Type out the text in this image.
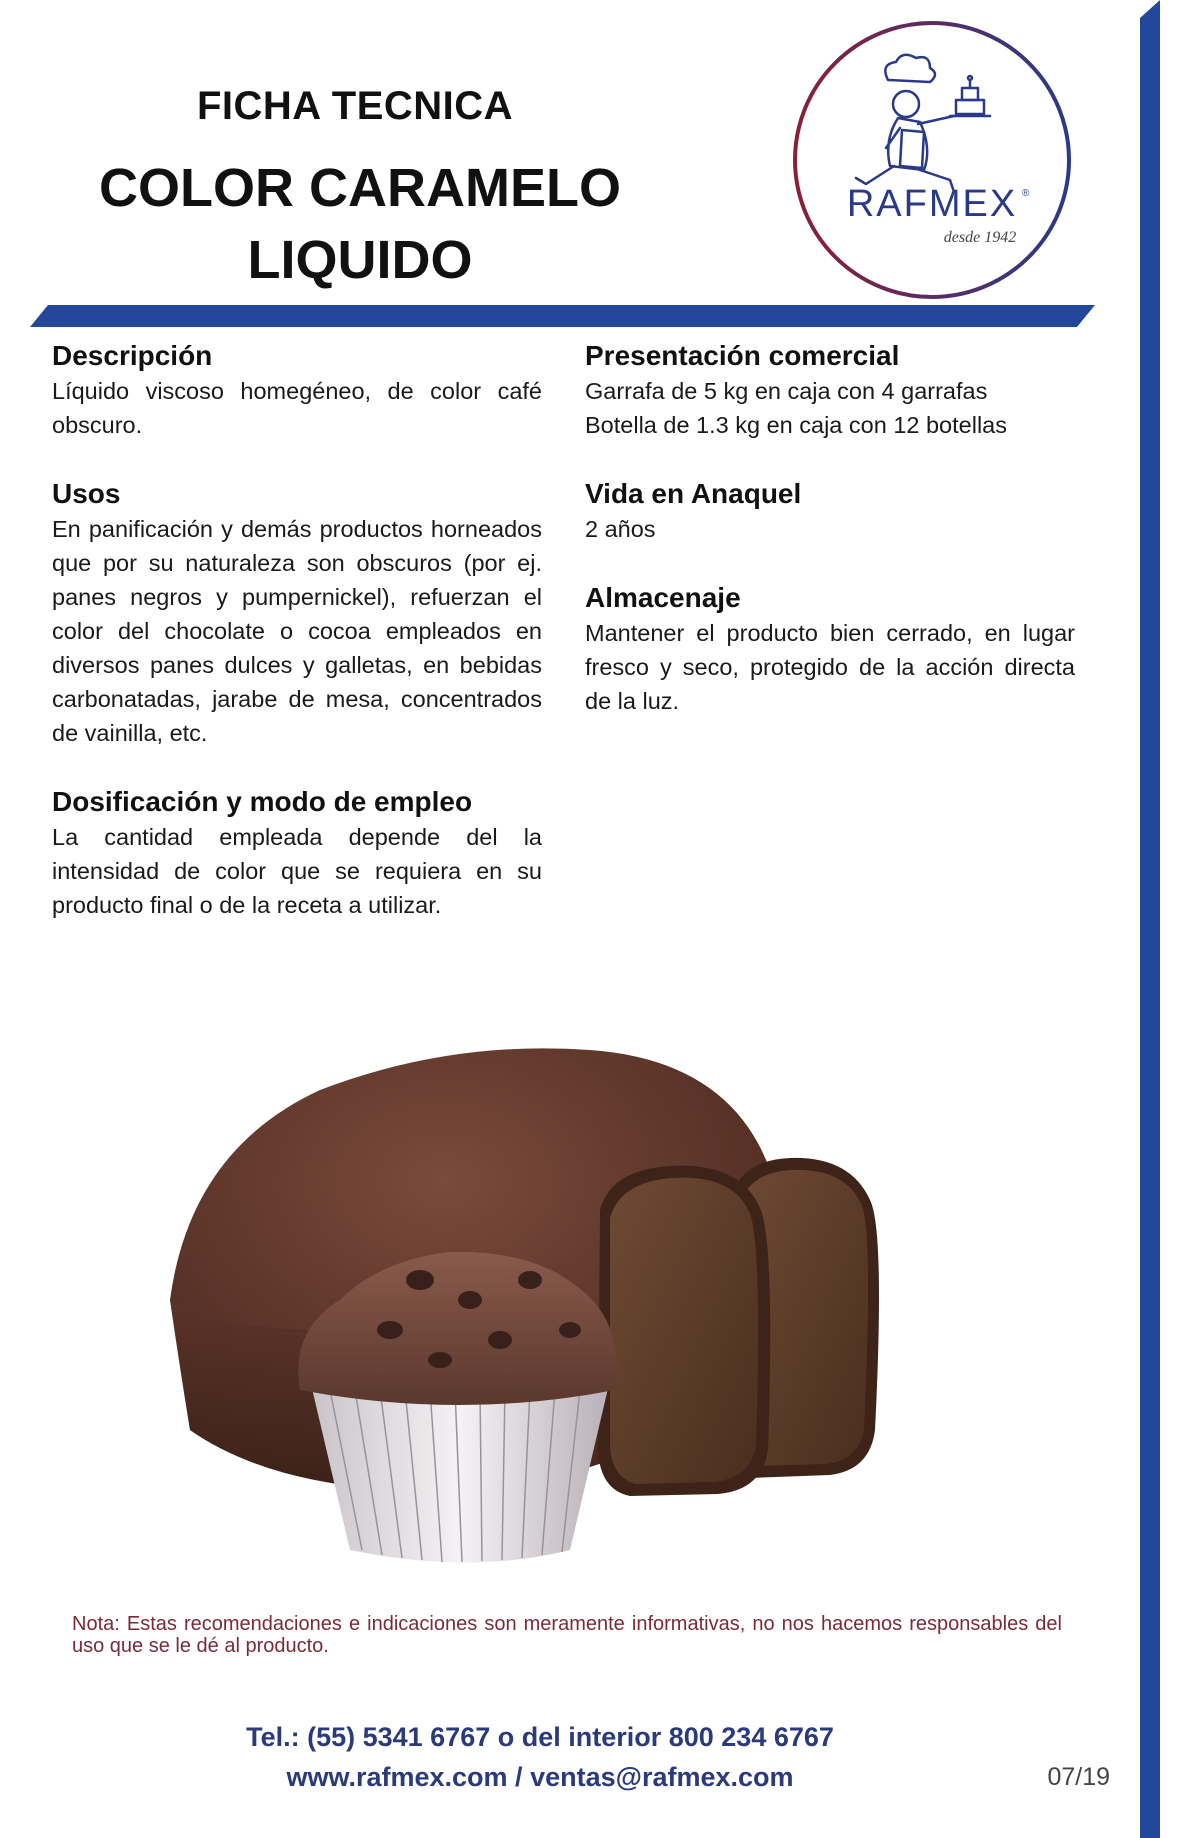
FICHA TECNICA
COLOR CARAMELO
LIQUIDO
RAFMEX ®
desde 1942
Descripción

Líquido viscoso homegéneo, de color café obscuro.

Usos

En panificación y demás productos horneados que por su naturaleza son obscuros (por ej. panes negros y pumpernickel), refuerzan el color del chocolate o cocoa empleados en diversos panes dulces y galletas, en bebidas carbonatadas, jarabe de mesa, concentrados de vainilla, etc.

Dosificación y modo de empleo

La cantidad empleada depende del la intensidad de color que se requiera en su producto final o de la receta a utilizar.

Presentación comercial

Garrafa de 5 kg en caja con 4 garrafas
Botella de 1.3 kg en caja con 12 botellas

Vida en Anaquel

2 años

Almacenaje

Mantener el producto bien cerrado, en lugar fresco y seco, protegido de la acción directa de la luz.

Nota: Estas recomendaciones e indicaciones son meramente informativas, no nos hacemos responsables del uso que se le dé al producto.
Tel.: (55) 5341 6767 o del interior 800 234 6767
www.rafmex.com / ventas@rafmex.com	07/19
